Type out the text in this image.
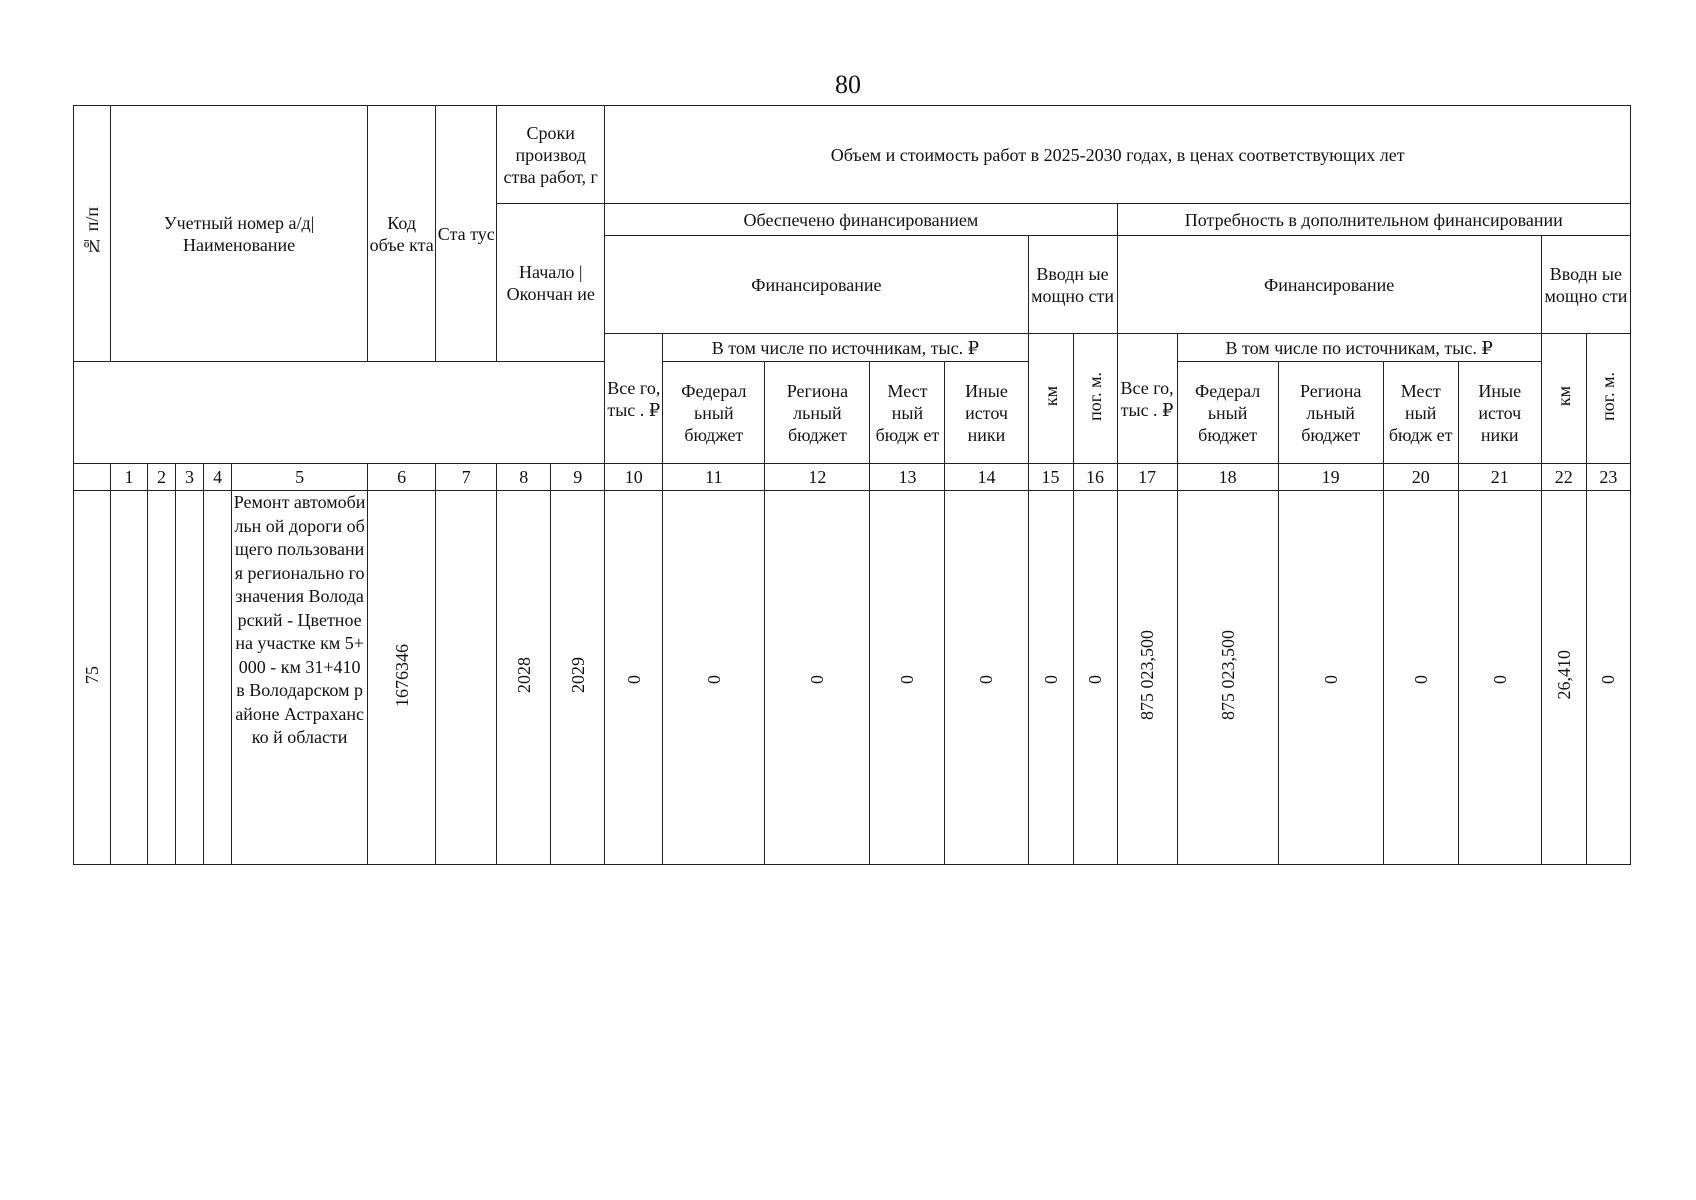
80
№ п/п	Учетный номер а/д| Наименование					Код объе кта	Ста тус	Сроки производ ства работ, г		Объем и стоимость работ в 2025-2030 годах, в ценах соответствующих лет													
								Начало | Окончан ие		Обеспечено финансированием							Потребность в дополнительном финансировании						
										Финансирование					Вводн ые мощно сти		Финансирование					Вводн ые мощно сти	
										Все го, тыс . ₽	В том числе по источникам, тыс. ₽				км	пог. м.	Все го, тыс . ₽	В том числе по источникам, тыс. ₽				км	пог. м.
											Федерал ьный бюджет	Региона льный бюджет	Мест ный бюдж ет	Иные источ ники				Федерал ьный бюджет	Региона льный бюджет	Мест ный бюдж ет	Иные источ ники		
	1	2	3	4	5	6	7	8	9	10	11	12	13	14	15	16	17	18	19	20	21	22	23
75					Ремонт автомобильн ой дороги общего пользования регионально го значения Володарский - Цветное на участке км 5+000 - км 31+410 в Володарском районе Астраханско й области	1676346		2028	2029	0	0	0	0	0	0	0	875 023,500	875 023,500	0	0	0	26,410	0
